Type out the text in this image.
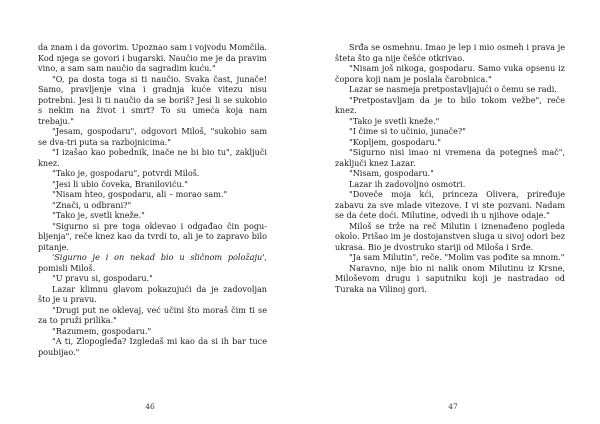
da znam i da govorim. Upoznao sam i vojvodu Momčila. Kod njega se govori i bugarski. Naučio me je da pravim vino, a sam sam naučio da sagradim kuću."

"O, pa dosta toga si ti naučio. Svaka čast, junače! Samo, pravljenje vina i gradnja kuće vitezu nisu potrebni. Jesi li ti naučio da se boriš? Jesi li se sukobio s nekim na život i smrt? To su umeća koja nam trebaju."

"Jesam, gospodaru", odgovori Miloš, "sukobio sam se dva-tri puta sa razbojnicima."

"I izašao kao pobednik, inače ne bi bio tu", zaključi knez.

"Tako je, gospodaru", potvrdi Miloš.

"Jesi li ubio čoveka, Braniloviću."

"Nisam hteo, gospodaru, ali – morao sam."

"Znači, u odbrani?"

"Tako je, svetli kneže."

"Sigurno si pre toga oklevao i odgađao čin pogu-bljenja", reče knez kao da tvrdi to, ali je to zapravo bilo pitanje.

'Sigurno je i on nekad bio u sličnom položaju', pomisli Miloš.

"U pravu si, gospodaru."

Lazar klimnu glavom pokazujući da je zadovoljan što je u pravu.

"Drugi put ne oklevaj, već učini što moraš čim ti se za to pruži prilika."

"Razumem, gospodaru."

"A ti, Zlopogleđa? Izgledaš mi kao da si ih bar tuce poubijao."

46

Srđa se osmehnu. Imao je lep i mio osmeh i prava je šteta što ga nije češće otkrivao.

"Nisam još nikoga, gospodaru. Samo vuka opsenu iz čopora koji nam je poslala čarobnica."

Lazar se nasmeja pretpostavljajući o čemu se radi.

"Pretpostavljam da je to bilo tokom vežbe", reče knez.

"Tako je svetli kneže."

"I čime si to učinio, junače?"

"Kopljem, gospodaru."

"Sigurno nisi imao ni vremena da potegneš mač", zaključi knez Lazar.

"Nisam, gospodaru."

Lazar ih zadovoljno osmotri.

"Doveče moja kći, princeza Olivera, priređuje zabavu za sve mlade vitezove. I vi ste pozvani. Nadam se da ćete doći. Milutine, odvedi ih u njihove odaje."

Miloš se trže na reč Milutin i iznenađeno pogleda okolo. Prišao im je dostojanstven sluga u sivoj odori bez ukrasa. Bio je dvostruko stariji od Miloša i Srđe.

"Ja sam Milutin", reče. "Molim vas pođite sa mnom."

Naravno, nije bio ni nalik onom Milutinu iz Krsne, Miloševom drugu i saputniku koji je nastradao od Turaka na Vilinoj gori.

47
